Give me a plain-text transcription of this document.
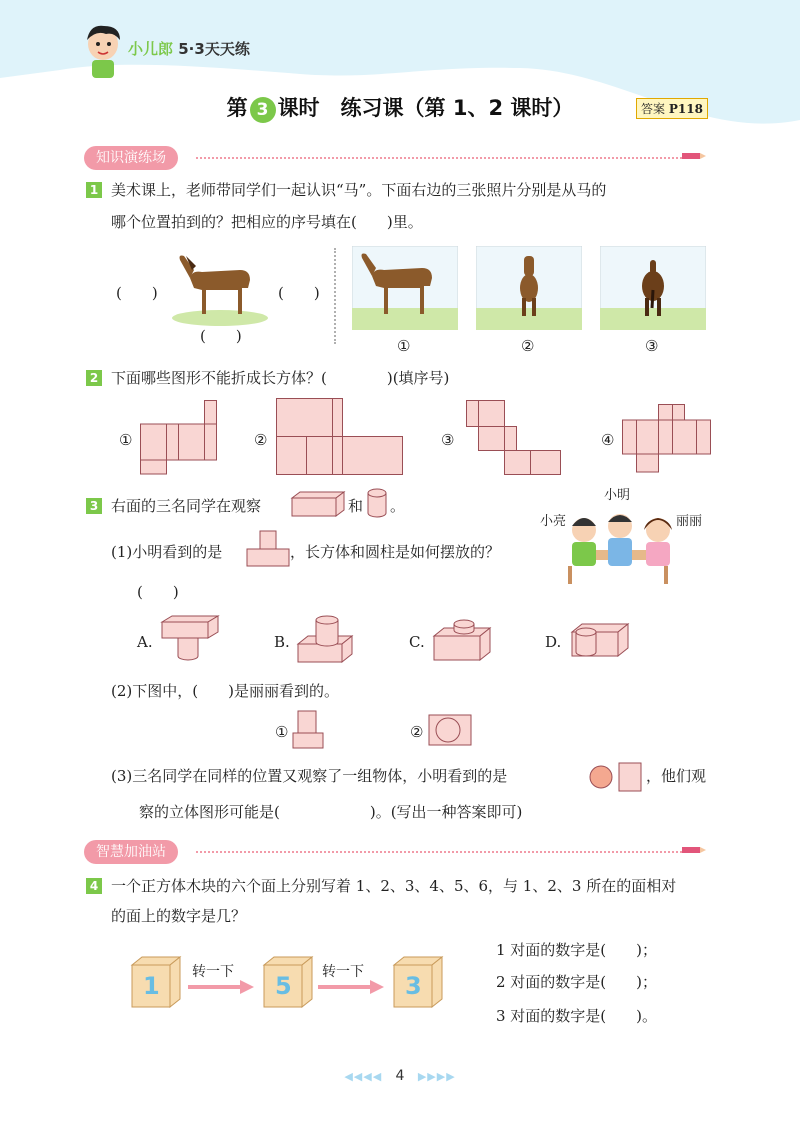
小儿郎 5·3天天练
第 3 课时　练习课（第 1、2 课时）	答案 P118
知识演练场
1 美术课上，老师带同学们一起认识“马”。下面右边的三张照片分别是从马的
哪个位置拍到的？把相应的序号填在(　　)里。
(　　)	(　　)
(　　)
①	②	③
2 下面哪些图形不能折成长方体？(　　　　)(填序号)
①	②	③	④
3 右面的三名同学在观察	和 。
小明
小亮	丽丽
(1)小明看到的是	，长方体和圆柱是如何摆放的？
(　　)
A.	B.	C.	D.
(2)下图中，(　　)是丽丽看到的。
①	②
(3)三名同学在同样的位置又观察了一组物体，小明看到的是	，他们观
察的立体图形可能是(　　　　　　)。(写出一种答案即可)
智慧加油站
4 一个正方体木块的六个面上分别写着 1、2、3、4、5、6，与 1、2、3 所在的面相对
的面上的数字是几？
1 转一下 5 转一下 3
1 对面的数字是(　　)；
2 对面的数字是(　　)；
3 对面的数字是(　　)。
◀◀◀◀ 4 ▶▶▶▶
